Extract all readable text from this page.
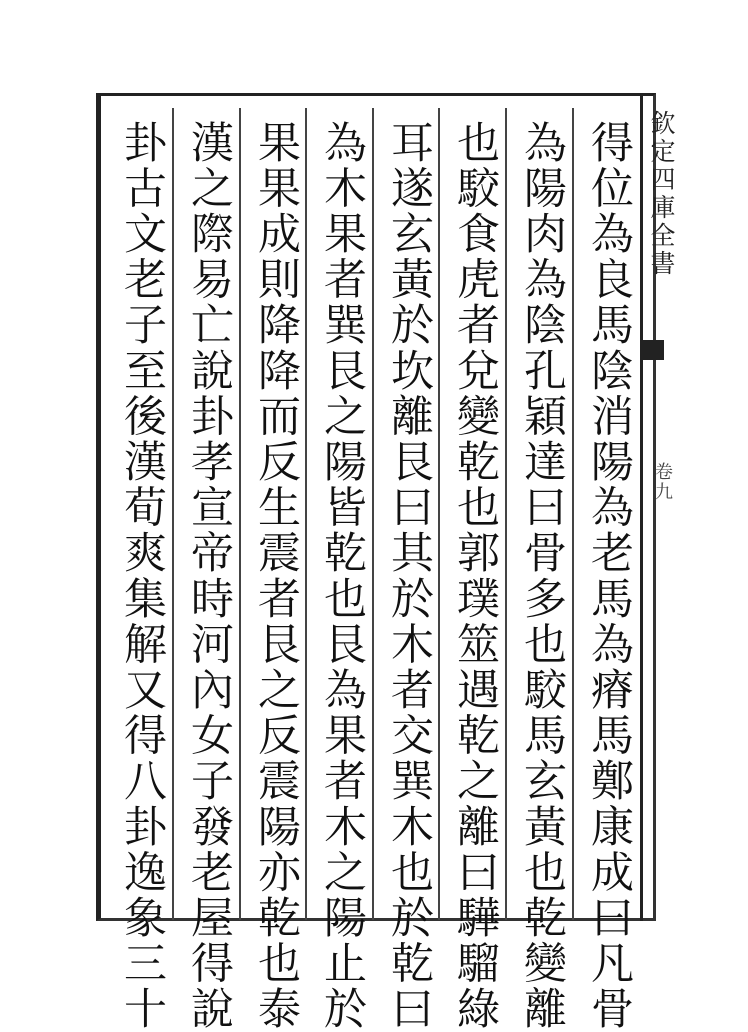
欽定四庫全書
卷九
得位為良馬陰消陽為老馬為瘠馬鄭康成曰凡骨
為陽肉為陰孔穎達曰骨多也駮馬玄黃也乾變離
也駮食虎者兌變乾也郭璞筮遇乾之離曰驊騮綠
耳遂玄黃於坎離艮曰其於木者交巽木也於乾曰
為木果者巽艮之陽皆乾也艮為果者木之陽止於
果果成則降降而反生震者艮之反震陽亦乾也泰
漢之際易亡說卦孝宣帝時河內女子發老屋得說
卦古文老子至後漢荀爽集解又得八卦逸象三十
